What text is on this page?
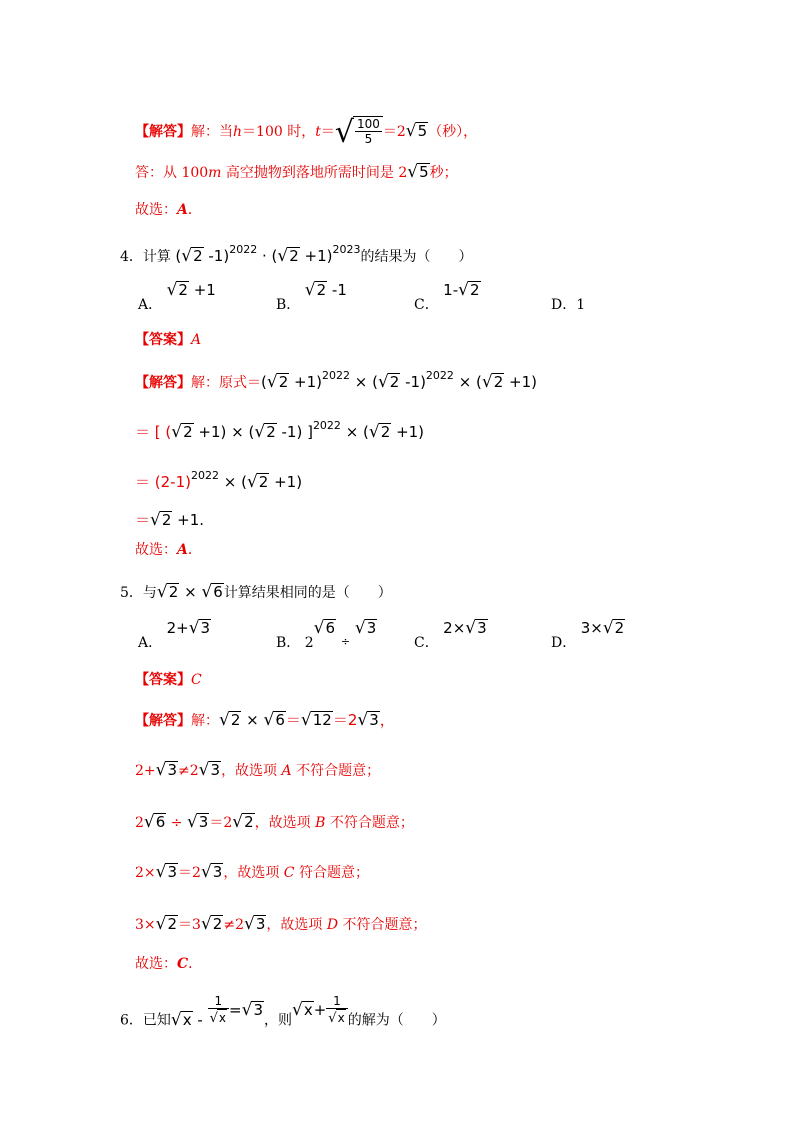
【解答】解：当h＝100 时，$t=√ \frac{100}{5} =2√5$（秒），
答：从 100m 高空抛物到落地所需时间是 2√5秒；
故选：A．
4．计算 (√2 $-1)^{2022} \cdot (√2 +1)^{2023}$的结果为（　　）
A． √2 +1
B． √2 -1
C． 1-√2
D．1
【答案】A
【解答】解：原式$=(√2 +1)^{2022} \times (√2$ -1)$^{2022}$ × (√2 +1)
＝ [ (√2 +1) × (√2 -1) ]$^{2022}$ × (√2 +1)
＝ $(2-1)^{2022} \times (√2 +1)$
＝√2 +1.
故选：A．
5．与√2 × √6计算结果相同的是（　　）
A． 2+√3
B． 2√6 $_\div$ √3
C． 2×√3
D． 3×√2
【答案】C
【解答】解：√2 × √6＝√12＝2√3，
2+√3≠2√3，故选项 A 不符合题意；
2√6 ÷ √3＝2√2，故选项 B 不符合题意；
2×√3＝2√3，故选项 C 符合题意；
3×√2＝3√2≠2√3，故选项 D 不符合题意；
故选：C．
6．已知$√x - \frac{1}{√x} =√3$，则$√x+ \frac{1}{√x}$ 的解为（　　）
